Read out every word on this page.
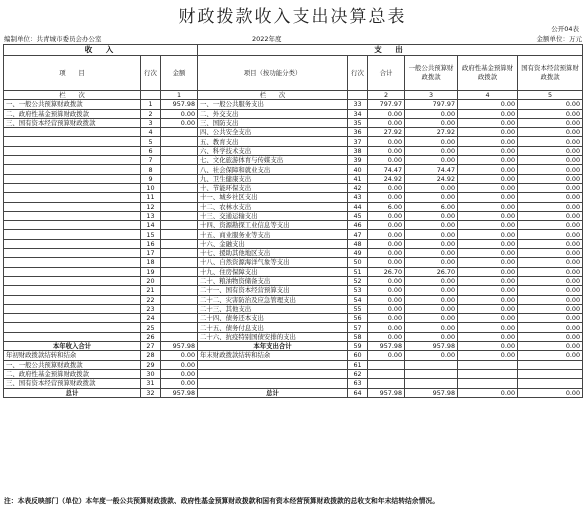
财政拨款收入支出决算总表
公开04表
编制单位：共青城市委员会办公室	2022年度	金额单位：万元
收　入			支　出					
项　　目	行次	金额	项目（按功能分类）	行次	合计	一般公共预算财政拨款	政府性基金预算财政拨款	国有资本经营预算财政拨款
栏　　次		1	栏　　次		2	3	4	5
一、一般公共预算财政拨款	1	957.98	一、一般公共服务支出	33	797.97	797.97	0.00	0.00
二、政府性基金预算财政拨款	2	0.00	二、外交支出	34	0.00	0.00	0.00	0.00
三、国有资本经营预算财政拨款	3	0.00	三、国防支出	35	0.00	0.00	0.00	0.00
	4		四、公共安全支出	36	27.92	27.92	0.00	0.00
	5		五、教育支出	37	0.00	0.00	0.00	0.00
	6		六、科学技术支出	38	0.00	0.00	0.00	0.00
	7		七、文化旅游体育与传媒支出	39	0.00	0.00	0.00	0.00
	8		八、社会保障和就业支出	40	74.47	74.47	0.00	0.00
	9		九、卫生健康支出	41	24.92	24.92	0.00	0.00
	10		十、节能环保支出	42	0.00	0.00	0.00	0.00
	11		十一、城乡社区支出	43	0.00	0.00	0.00	0.00
	12		十二、农林水支出	44	6.00	6.00	0.00	0.00
	13		十三、交通运输支出	45	0.00	0.00	0.00	0.00
	14		十四、资源勘探工业信息等支出	46	0.00	0.00	0.00	0.00
	15		十五、商业服务业等支出	47	0.00	0.00	0.00	0.00
	16		十六、金融支出	48	0.00	0.00	0.00	0.00
	17		十七、援助其他地区支出	49	0.00	0.00	0.00	0.00
	18		十八、自然资源海洋气象等支出	50	0.00	0.00	0.00	0.00
	19		十九、住房保障支出	51	26.70	26.70	0.00	0.00
	20		二十、粮油物资储备支出	52	0.00	0.00	0.00	0.00
	21		二十一、国有资本经营预算支出	53	0.00	0.00	0.00	0.00
	22		二十二、灾害防治及应急管理支出	54	0.00	0.00	0.00	0.00
	23		二十三、其他支出	55	0.00	0.00	0.00	0.00
	24		二十四、债务还本支出	56	0.00	0.00	0.00	0.00
	25		二十五、债务付息支出	57	0.00	0.00	0.00	0.00
	26		二十六、抗疫特别国债安排的支出	58	0.00	0.00	0.00	0.00
本年收入合计	27	957.98	本年支出合计	59	957.98	957.98	0.00	0.00
年初财政拨款结转和结余	28	0.00	年末财政拨款结转和结余	60	0.00	0.00	0.00	0.00
一、一般公共预算财政拨款	29	0.00		61				
二、政府性基金预算财政拨款	30	0.00		62				
三、国有资本经营预算财政拨款	31	0.00		63				
总计	32	957.98	总计	64	957.98	957.98	0.00	0.00
注：本表反映部门（单位）本年度一般公共预算财政拨款、政府性基金预算财政拨款和国有资本经营预算财政拨款的总收支和年末结转结余情况。
